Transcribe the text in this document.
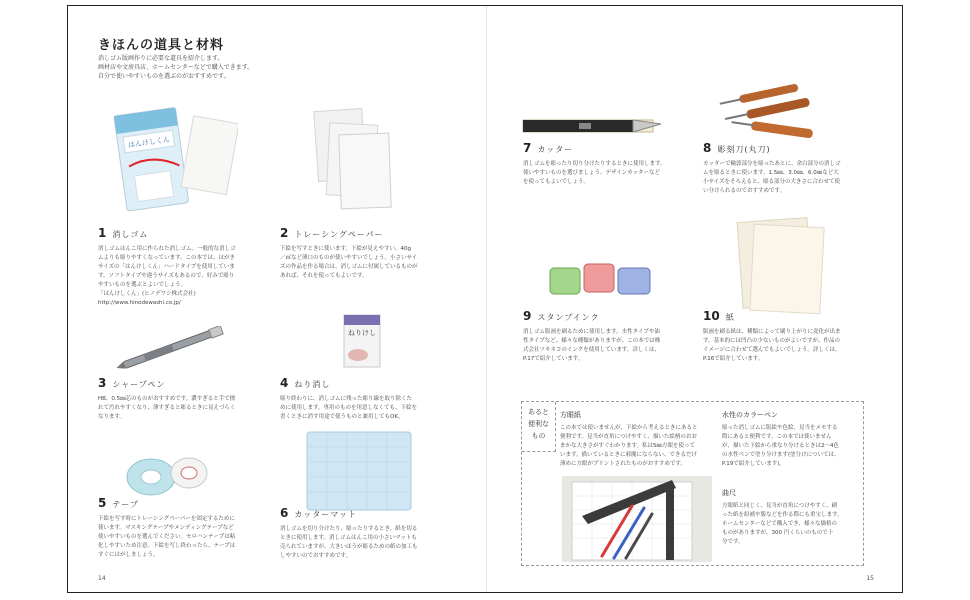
きほんの道具と材料
消しゴム版画作りに必要な道具を紹介します。
画材店や文房具店、ホームセンターなどで購入できます。
自分で使いやすいものを選ぶのがおすすめです。
はんけしくん
1 消しゴム
消しゴムはんこ用に作られた消しゴム。一般的な消しゴ
ムよりも彫りやすくなっています。この本では、はがき
サイズの「はんけしくん」ハードタイプを使用していま
す。ソフトタイプや違うサイズもあるので、好みで彫り
やすいものを選ぶとよいでしょう。
「はんけしくん」(ヒノデワシ株式会社)
http://www.hinodewashi.co.jp/
2 トレーシングペーパー
下絵を写すときに使います。下絵が見えやすい、40g
／㎡など薄口のものが使いやすいでしょう。小さいサイ
ズの作品を作る場合は、消しゴムに付属しているものが
あれば、それを使ってもよいです。
ねりけし
3 シャープペン
HB、0.5㎜芯のものがおすすめです。濃すぎると手で擦
れて汚れやすくなり、薄すぎると彫るときに見えづらく
なります。
4 ねり消し
彫り終わりに、消しゴムに残った彫り線を取り除くた
めに使用します。専用のものを用意しなくても、下絵を
書くときに消す用途で使うものと兼用してもOK。
5 テープ
下絵を写す時にトレーシングペーパーを固定するために
使います。マスキングテープやメンディングテープなど
使いやすいものを選んでください。セロハンテープは粘
化しやすいため注意。下絵を写し終わったら、テープは
すぐにはがしましょう。
6 カッターマット
消しゴムを切り分けたり、彫ったりするとき、紙を切る
ときに使用します。消しゴムはんこ用の小さいマットも
売られていますが、大きいほうが彫るための紙の加工も
しやすいのでおすすめです。
14
7 カッター
消しゴムを彫ったり切り分けたりするときに使用します。
使いやすいものを選びましょう。デザインカッターなど
を使ってもよいでしょう。
8 彫刻刀(丸刀)
カッターで輪郭部分を彫ったあとに、余白部分の消しゴ
ムを彫るときに使います。1.5㎜、3.0㎜、6.0㎜など大
小サイズをそろえると、彫る部分の大きさに合わせて使
い分けられるのでおすすめです。
9 スタンプインク
消しゴム版画を刷るために使用します。水性タイプや油
性タイプなど、様々な種類がありますが、この本では株
式会社ツキネコのインクを使用しています。詳しくは、
P.17で紹介しています。
10 紙
版画を刷る紙は、種類によって刷り上がりに変化が出ま
す。基本的には凹凸の少ないものがよいですが、作品の
イメージに合わせて選んでもよいでしょう。詳しくは、
P.16で紹介しています。
あると
便利な
もの
方眼紙
この本では使いませんが、下絵から考えるときにあると
便利です。見当が直角につけやすく、描いた絵柄のおお
まかな大きさがすぐわかります。私は5㎜方眼を使って
います。描いているときに邪魔にならない、できるだけ
薄めに方眼がプリントされたものがおすすめです。
水性のカラーペン
彫った消しゴムに版絵や色絵、見当をメモする
際にあると便利です。この本では使いません
が、描いた下絵から重なり分けるときは2〜4色
の水性ペンで塗り分けます(塗分けについては、
P.19で紹介しています)。
曲尺
方眼紙と同じく、見当が直角につけやすく、刷
った紙を紛補や版などを作る際にも重宝します。
ホームセンターなどで購入でき、様々な価格の
ものがありますが、300 円くらいのもので十
分です。
15
